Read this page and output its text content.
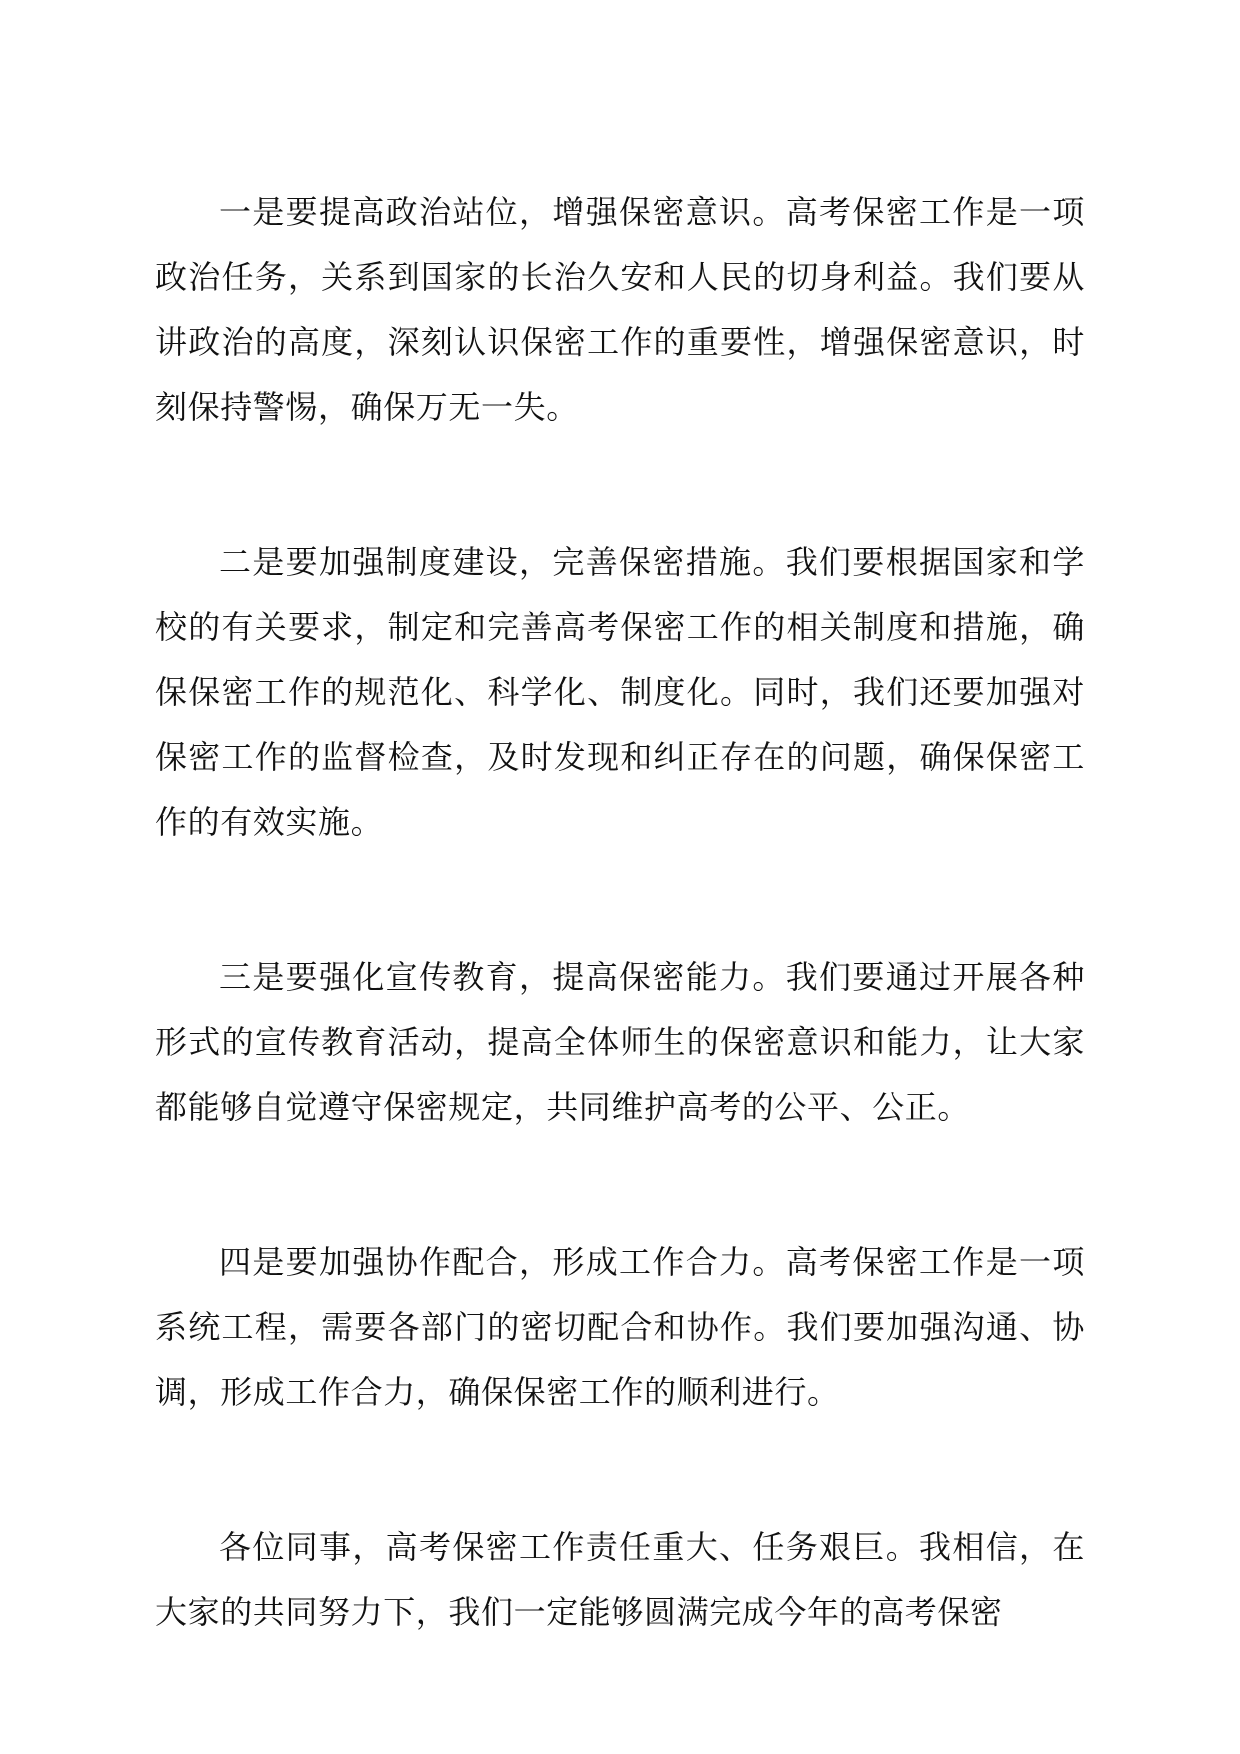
一是要提高政治站位，增强保密意识。高考保密工作是一项政治任务，关系到国家的长治久安和人民的切身利益。我们要从讲政治的高度，深刻认识保密工作的重要性，增强保密意识，时刻保持警惕，确保万无一失。

二是要加强制度建设，完善保密措施。我们要根据国家和学校的有关要求，制定和完善高考保密工作的相关制度和措施，确保保密工作的规范化、科学化、制度化。同时，我们还要加强对保密工作的监督检查，及时发现和纠正存在的问题，确保保密工作的有效实施。

三是要强化宣传教育，提高保密能力。我们要通过开展各种形式的宣传教育活动，提高全体师生的保密意识和能力，让大家都能够自觉遵守保密规定，共同维护高考的公平、公正。

四是要加强协作配合，形成工作合力。高考保密工作是一项系统工程，需要各部门的密切配合和协作。我们要加强沟通、协调，形成工作合力，确保保密工作的顺利进行。

各位同事，高考保密工作责任重大、任务艰巨。我相信，在大家的共同努力下，我们一定能够圆满完成今年的高考保密
